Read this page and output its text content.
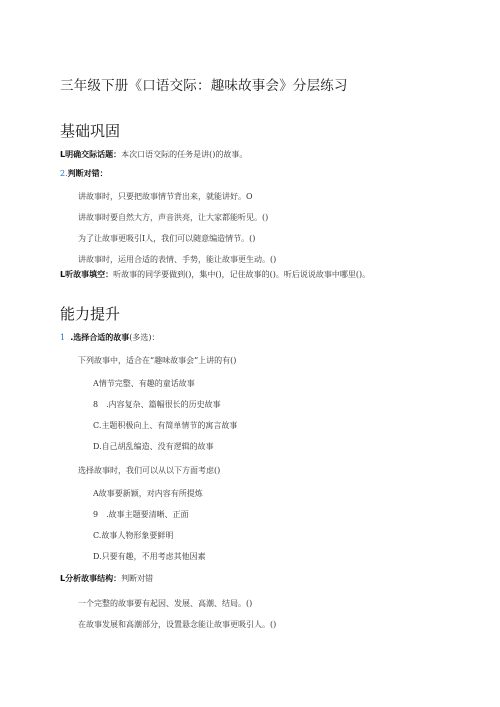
三年级下册《口语交际：趣味故事会》分层练习
基础巩固
L明确交际话题：本次口语交际的任务是讲()的故事。
2.判断对错：
讲故事时，只要把故事情节背出来，就能讲好。O
讲故事时要自然大方，声音洪亮，让大家都能听见。()
为了让故事更吸引I人，我们可以随意编造情节。()
讲故事时，运用合适的表情、手势，能让故事更生动。()
L听故事填空：听故事的同学要做到()，集中()，记住故事的()。听后说说故事中哪里()。
能力提升
1 .选择合适的故事(多选)：
下列故事中，适合在“趣味故事会”上讲的有()
A情节完整、有趣的童话故事
8　.内容复杂、篇幅很长的历史故事
C.主题积极向上、有简单情节的寓言故事
D.自己胡乱编造、没有逻辑的故事
选择故事时，我们可以从以下方面考虑()
A故事要新颖，对内容有所提炼
9　.故事主题要清晰、正面
C.故事人物形象要鲜明
D.只要有趣，不用考虑其他因素
L分析故事结构：判断对错
一个完整的故事要有起因、发展、高潮、结局。()
在故事发展和高潮部分，设置悬念能让故事更吸引人。()
